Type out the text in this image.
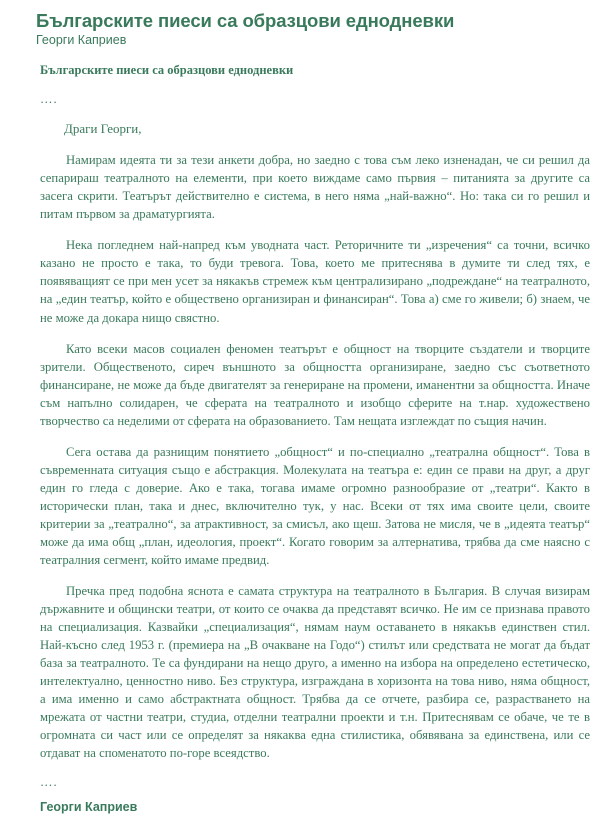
Българските пиеси са образцови еднодневки
Георги Каприев
Българските пиеси са образцови еднодневки
….
Драги Георги,

Намирам идеята ти за тези анкети добра, но заедно с това съм леко изненадан, че си решил да сепарираш театралното на елементи, при което виждаме само първия – питанията за другите са засега скрити. Театърът действително е система, в него няма „най-важно“. Но: така си го решил и питам първом за драматургията.

Нека погледнем най-напред към уводната част. Реторичните ти „изречения“ са точни, всичко казано не просто е така, то буди тревога. Това, което ме притеснява в думите ти след тях, е появяващият се при мен усет за някакъв стремеж към централизирано „подреждане“ на театралното, на „един театър, който е обществено организиран и финансиран“. Това а) сме го живели; б) знаем, че не може да докара нищо свястно.

Като всеки масов социален феномен театърът е общност на творците създатели и творците зрители. Общественото, сиреч външното за общността организиране, заедно със съответното финансиране, не може да бъде двигателят за генериране на промени, иманентни за общността. Иначе съм напълно солидарен, че сферата на театралното и изобщо сферите на т.нар. художествено творчество са неделими от сферата на образованието. Там нещата изглеждат по същия начин.

Сега остава да разнищим понятието „общност“ и по-специално „театрална общност“. Това в съвременната ситуация също е абстракция. Молекулата на театъра е: един се прави на друг, а друг един го гледа с доверие. Ако е така, тогава имаме огромно разнообразие от „театри“. Както в исторически план, така и днес, включително тук, у нас. Всеки от тях има своите цели, своите критерии за „театрално“, за атрактивност, за смисъл, ако щеш. Затова не мисля, че в „идеята театър“ може да има общ „план, идеология, проект“. Когато говорим за алтернатива, трябва да сме наясно с театралния сегмент, който имаме предвид.

Пречка пред подобна яснота е самата структура на театралното в България. В случая визирам държавните и общински театри, от които се очаква да представят всичко. Не им се признава правото на специализация. Казвайки „специализация“, нямам наум оставането в някакъв единствен стил. Най-късно след 1953 г. (премиера на „В очакване на Годо“) стилът или средствата не могат да бъдат база за театралното. Те са фундирани на нещо друго, а именно на избора на определено естетическо, интелектуално, ценностно ниво. Без структура, изграждана в хоризонта на това ниво, няма общност, а има именно и само абстрактната общност. Трябва да се отчете, разбира се, разрастването на мрежата от частни театри, студиа, отделни театрални проекти и т.н. Притеснявам се обаче, че те в огромната си част или се определят за някаква една стилистика, обявявана за единствена, или се отдават на споменатото по-горе всеядство.

….
Георги Каприев
